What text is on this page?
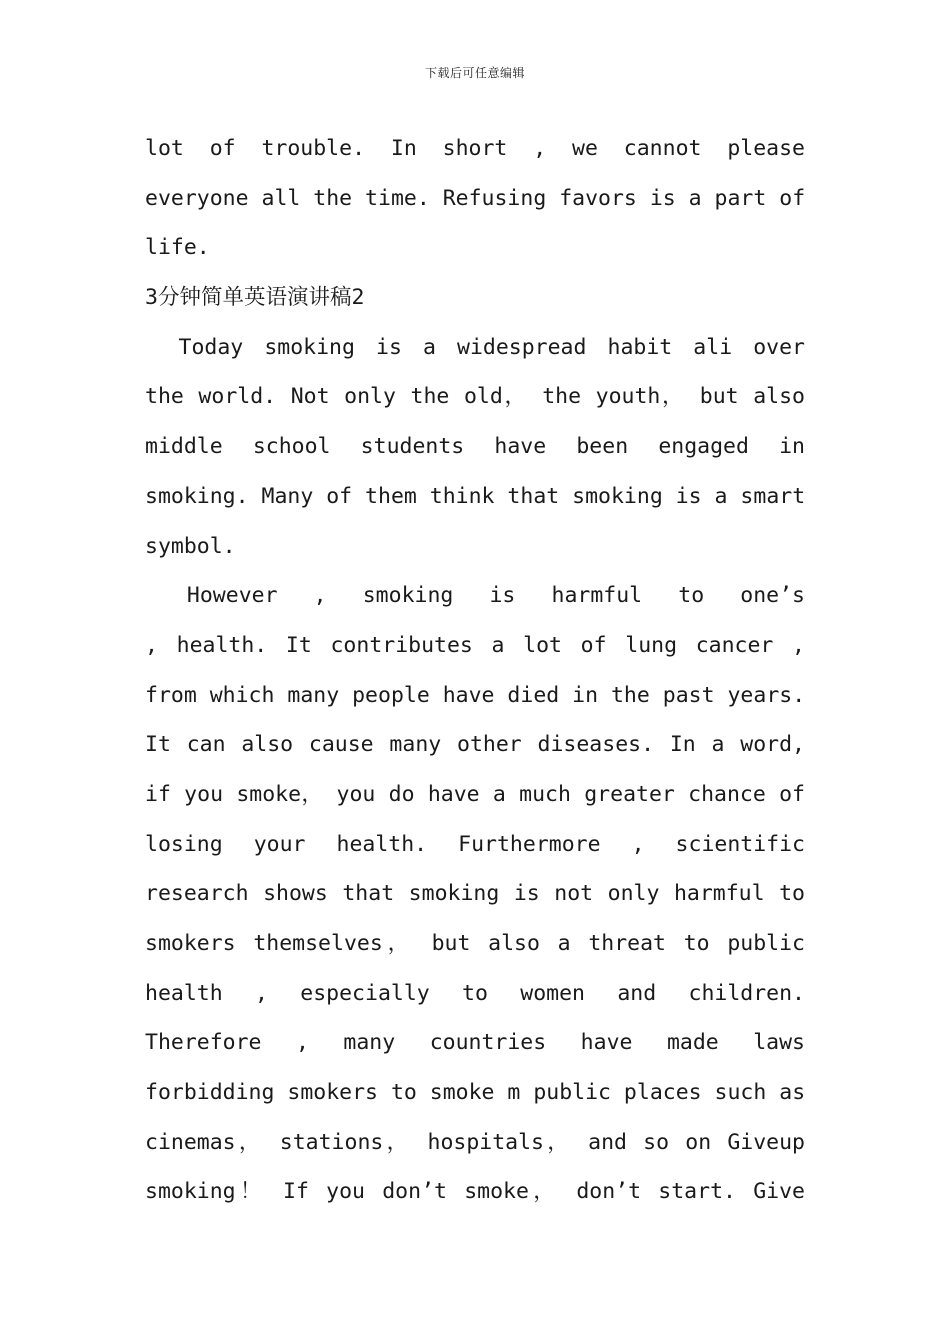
下载后可任意编辑
lot of trouble. In short , we cannot please
everyone all the time. Refusing favors is a part of
life.
3分钟简单英语演讲稿2
Today smoking is a widespread habit ali over
the world. Not only the old， the youth， but also
middle school students have been engaged in
smoking. Many of them think that smoking is a smart
symbol.
However , smoking is harmful to one’s
, health. It contributes a lot of lung cancer ,
from which many people have died in the past years.
It can also cause many other diseases. In a word,
if you smoke， you do have a much greater chance of
losing your health. Furthermore , scientific
research shows that smoking is not only harmful to
smokers themselves， but also a threat to public
health , especially to women and children.
Therefore , many countries have made laws
forbidding smokers to smoke m public places such as
cinemas， stations， hospitals， and so on Giveup
smoking！ If you don’t smoke， don’t start. Give
